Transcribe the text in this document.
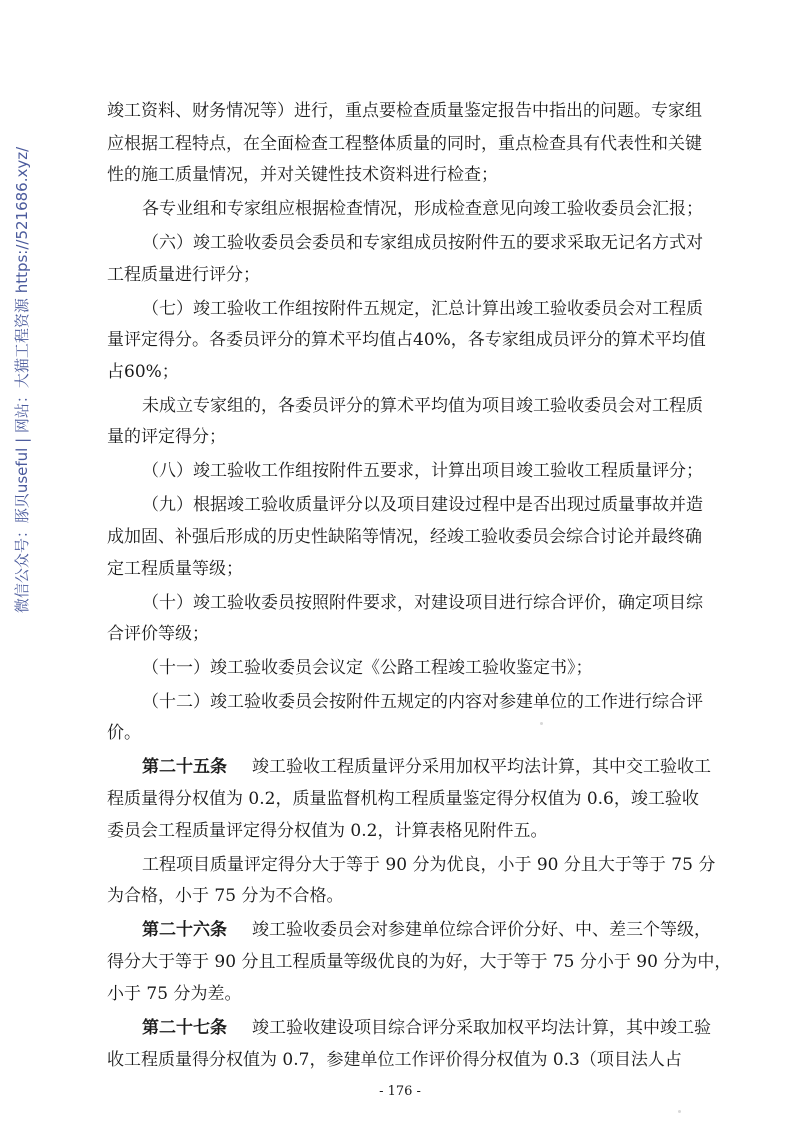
微信公众号：豚贝useful | 网站：大猫工程资源 https://521686.xyz/
竣工资料、财务情况等）进行，重点要检查质量鉴定报告中指出的问题。专家组
应根据工程特点，在全面检查工程整体质量的同时，重点检查具有代表性和关键
性的施工质量情况，并对关键性技术资料进行检查；
各专业组和专家组应根据检查情况，形成检查意见向竣工验收委员会汇报；
（六）竣工验收委员会委员和专家组成员按附件五的要求采取无记名方式对
工程质量进行评分；
（七）竣工验收工作组按附件五规定，汇总计算出竣工验收委员会对工程质
量评定得分。各委员评分的算术平均值占40%，各专家组成员评分的算术平均值
占60%；
未成立专家组的，各委员评分的算术平均值为项目竣工验收委员会对工程质
量的评定得分；
（八）竣工验收工作组按附件五要求，计算出项目竣工验收工程质量评分；
（九）根据竣工验收质量评分以及项目建设过程中是否出现过质量事故并造
成加固、补强后形成的历史性缺陷等情况，经竣工验收委员会综合讨论并最终确
定工程质量等级；
（十）竣工验收委员按照附件要求，对建设项目进行综合评价，确定项目综
合评价等级；
（十一）竣工验收委员会议定《公路工程竣工验收鉴定书》；
（十二）竣工验收委员会按附件五规定的内容对参建单位的工作进行综合评
价。
第二十五条 竣工验收工程质量评分采用加权平均法计算，其中交工验收工
程质量得分权值为 0.2，质量监督机构工程质量鉴定得分权值为 0.6，竣工验收
委员会工程质量评定得分权值为 0.2，计算表格见附件五。
工程项目质量评定得分大于等于 90 分为优良，小于 90 分且大于等于 75 分
为合格，小于 75 分为不合格。
第二十六条 竣工验收委员会对参建单位综合评价分好、中、差三个等级，
得分大于等于 90 分且工程质量等级优良的为好，大于等于 75 分小于 90 分为中，
小于 75 分为差。
第二十七条 竣工验收建设项目综合评分采取加权平均法计算，其中竣工验
收工程质量得分权值为 0.7，参建单位工作评价得分权值为 0.3（项目法人占
- 176 -
